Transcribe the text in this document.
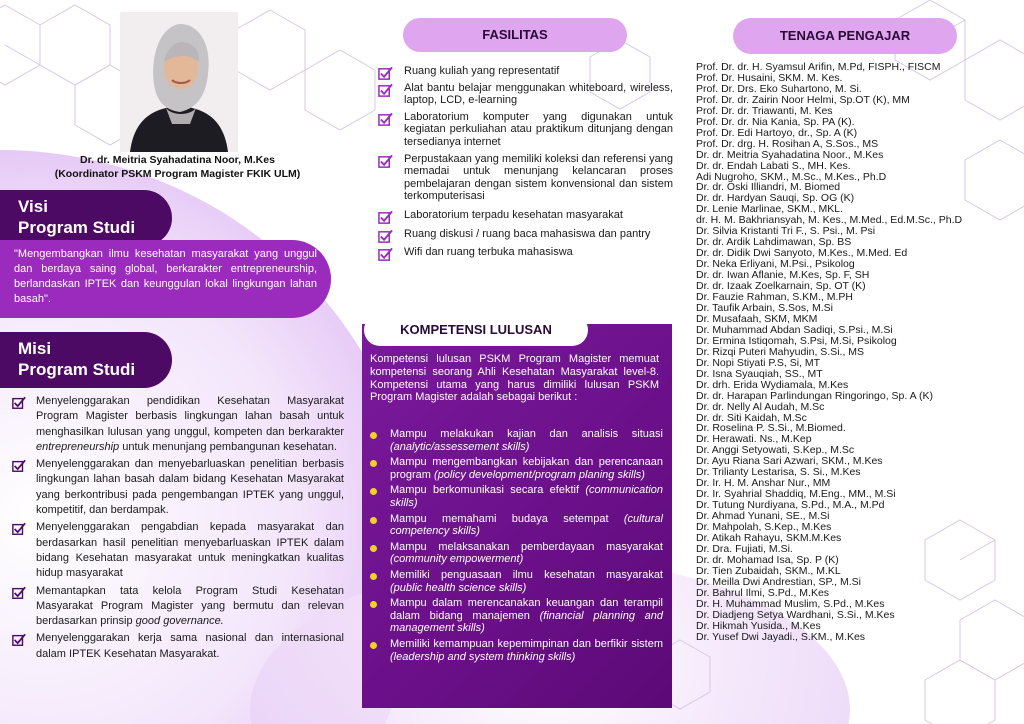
Dr. dr. Meitria Syahadatina Noor, M.Kes
(Koordinator PSKM Program Magister FKIK ULM)
Visi
Program Studi
"Mengembangkan ilmu kesehatan masyarakat yang unggul dan berdaya saing global, berkarakter entrepreneurship, berlandaskan IPTEK dan keunggulan lokal lingkungan lahan basah".
Misi
Program Studi
Menyelenggarakan pendidikan Kesehatan Masyarakat Program Magister berbasis lingkungan lahan basah untuk menghasilkan lulusan yang unggul, kompeten dan berkarakter entrepreneurship untuk menunjang pembangunan kesehatan.
Menyelenggarakan dan menyebarluaskan penelitian berbasis lingkungan lahan basah dalam bidang Kesehatan Masyarakat yang berkontribusi pada pengembangan IPTEK yang unggul, kompetitif, dan berdampak.
Menyelenggarakan pengabdian kepada masyarakat dan berdasarkan hasil penelitian menyebarluaskan IPTEK dalam bidang Kesehatan masyarakat untuk meningkatkan kualitas hidup masyarakat
Memantapkan tata kelola Program Studi Kesehatan Masyarakat Program Magister yang bermutu dan relevan berdasarkan prinsip good governance.
Menyelenggarakan kerja sama nasional dan internasional dalam IPTEK Kesehatan Masyarakat.
FASILITAS
Ruang kuliah yang representatif
Alat bantu belajar menggunakan whiteboard, wireless, laptop, LCD, e-learning
Laboratorium komputer yang digunakan untuk kegiatan perkuliahan atau praktikum ditunjang dengan tersedianya internet
Perpustakaan yang memiliki koleksi dan referensi yang memadai untuk menunjang kelancaran proses pembelajaran dengan sistem konvensional dan sistem terkomputerisasi
Laboratorium terpadu kesehatan masyarakat
Ruang diskusi / ruang baca mahasiswa dan pantry
Wifi dan ruang terbuka mahasiswa
KOMPETENSI LULUSAN
Kompetensi lulusan PSKM Program Magister memuat kompetensi seorang Ahli Kesehatan Masyarakat level-8. Kompetensi utama yang harus dimiliki lulusan PSKM Program Magister adalah sebagai berikut :
Mampu melakukan kajian dan analisis situasi (analytic/assessement skills)
Mampu mengembangkan kebijakan dan perencanaan program (policy development/program planing skills)
Mampu berkomunikasi secara efektif (communication skills)
Mampu memahami budaya setempat (cultural competency skills)
Mampu melaksanakan pemberdayaan masyarakat (community empowerment)
Memiliki penguasaan ilmu kesehatan masyarakat (public health science skills)
Mampu dalam merencanakan keuangan dan terampil dalam bidang manajemen (financial planning and management skills)
Memiliki kemampuan kepemimpinan dan berfikir sistem (leadership and system thinking skills)
TENAGA PENGAJAR
Prof. Dr. dr. H. Syamsul Arifin, M.Pd, FISPH., FISCM
Prof. Dr. Husaini, SKM. M. Kes.
Prof. Dr. Drs. Eko Suhartono, M. Si.
Prof. Dr. dr. Zairin Noor Helmi, Sp.OT (K), MM
Prof. Dr. dr. Triawanti, M. Kes
Prof. Dr. dr. Nia Kania, Sp. PA (K).
Prof. Dr. Edi Hartoyo, dr., Sp. A (K)
Prof. Dr. drg. H. Rosihan A, S.Sos., MS
Dr. dr. Meitria Syahadatina Noor., M.Kes
Dr. dr. Endah Labati S., MH. Kes.
Adi Nugroho, SKM., M.Sc., M.Kes., Ph.D
Dr. dr. Oski Illiandri, M. Biomed
Dr. dr. Hardyan Sauqi, Sp. OG (K)
Dr. Lenie Marlinae, SKM., MKL.
dr. H. M. Bakhriansyah, M. Kes., M.Med., Ed.M.Sc., Ph.D
Dr. Silvia Kristanti Tri F., S. Psi., M. Psi
Dr. dr. Ardik Lahdimawan, Sp. BS
Dr. dr. Didik Dwi Sanyoto, M.Kes., M.Med. Ed
Dr. Neka Erliyani, M.Psi., Psikolog
Dr. dr. Iwan Aflanie, M.Kes, Sp. F, SH
Dr. dr. Izaak Zoelkarnain, Sp. OT (K)
Dr. Fauzie Rahman, S.KM., M.PH
Dr. Taufik Arbain, S.Sos, M.Si
Dr. Musafaah, SKM, MKM
Dr. Muhammad Abdan Sadiqi, S.Psi., M.Si
Dr. Ermina Istiqomah, S.Psi, M.Si, Psikolog
Dr. Rizqi Puteri Mahyudin, S.Si., MS
Dr. Nopi Stiyati P.S, Si, MT
Dr. Isna Syauqiah, SS., MT
Dr. drh. Erida Wydiamala, M.Kes
Dr. dr. Harapan Parlindungan Ringoringo, Sp. A (K)
Dr. dr. Nelly Al Audah, M.Sc
Dr. dr. Siti Kaidah, M.Sc
Dr. Roselina P. S.Si., M.Biomed.
Dr. Herawati. Ns., M.Kep
Dr. Anggi Setyowati, S.Kep., M.Sc
Dr. Ayu Riana Sari Azwari, SKM., M.Kes
Dr. Trilianty Lestarisa, S. Si., M.Kes
Dr. Ir. H. M. Anshar Nur., MM
Dr. Ir. Syahrial Shaddiq, M.Eng., MM., M.Si
Dr. Tutung Nurdiyana, S.Pd., M.A., M.Pd
Dr. Ahmad Yunani, SE., M.Si
Dr. Mahpolah, S.Kep., M.Kes
Dr. Atikah Rahayu, SKM.M.Kes
Dr. Dra. Fujiati, M.Si.
Dr. dr. Mohamad Isa, Sp. P (K)
Dr. Tien Zubaidah, SKM., M.KL
Dr. Meilla Dwi Andrestian, SP., M.Si
Dr. Bahrul Ilmi, S.Pd., M.Kes
Dr. H. Muhammad Muslim, S.Pd., M.Kes
Dr. Diadjeng Setya Wardhani, S.Si., M.Kes
Dr. Hikmah Yusida., M.Kes
Dr. Yusef Dwi Jayadi., S.KM., M.Kes
